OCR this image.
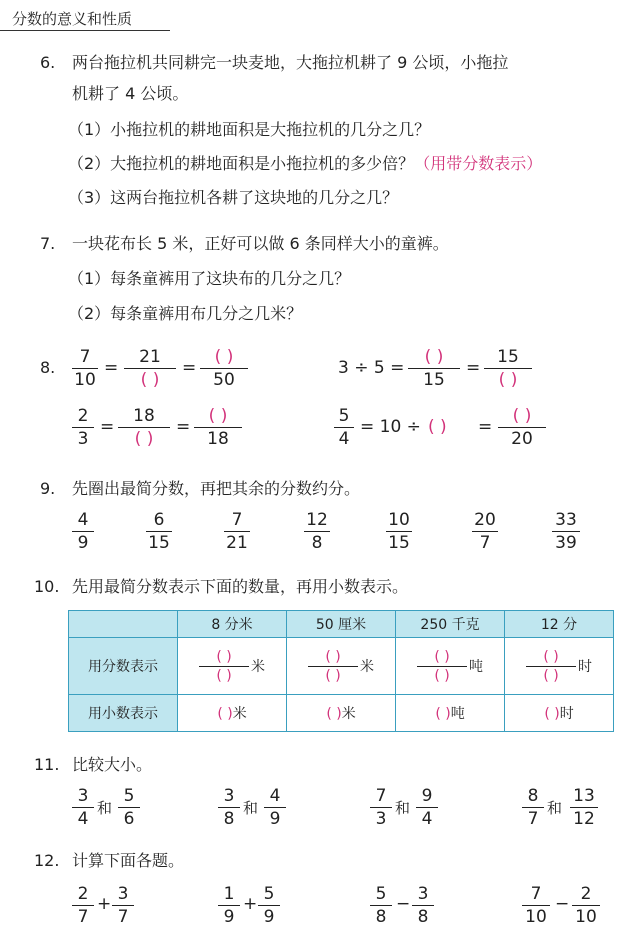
分数的意义和性质
6. 两台拖拉机共同耕完一块麦地，大拖拉机耕了 9 公顷，小拖拉
机耕了 4 公顷。
（1）小拖拉机的耕地面积是大拖拉机的几分之几？
（2）大拖拉机的耕地面积是小拖拉机的多少倍？（用带分数表示）
（3）这两台拖拉机各耕了这块地的几分之几？
7. 一块花布长 5 米，正好可以做 6 条同样大小的童裤。
（1）每条童裤用了这块布的几分之几？
（2）每条童裤用布几分之几米？
8.
7
10
=
21
( )
=
( )
50
3 ÷ 5 =
( )
15
=
15
( )
2
3
=
18
( )
=
( )
18
5
4
= 10 ÷ ( ) =
( )
20
9. 先圈出最简分数，再把其余的分数约分。
4
9
6
15
7
21
12
8
10
15
20
7
33
39
10. 先用最简分数表示下面的数量，再用小数表示。
	8 分米	50 厘米	250 千克	12 分
用分数表示	( )
( )
米	( )
( )
米	( )
( )
吨	( )
( )
时
用小数表示	( )米	( )米	( )吨	( )时
11. 比较大小。
3
4
和
5
6
3
8
和
4
9
7
3
和
9
4
8
7
和
13
12
12. 计算下面各题。
2
7
+ 3
7
1
9
+ 5
9
5
8
− 3
8
7
10
− 2
10
